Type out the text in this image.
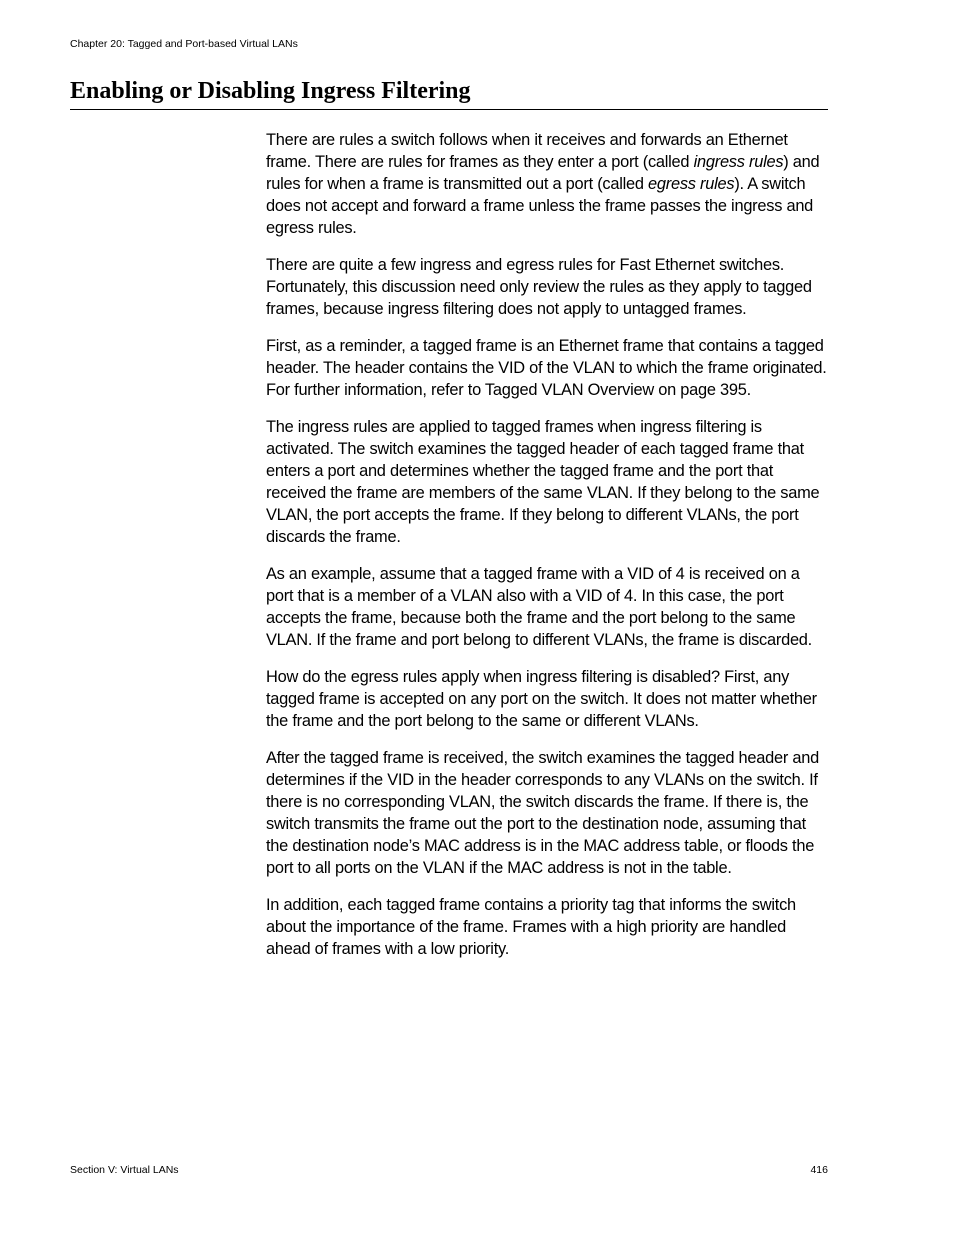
Chapter 20: Tagged and Port-based Virtual LANs
Enabling or Disabling Ingress Filtering

There are rules a switch follows when it receives and forwards an Ethernet frame. There are rules for frames as they enter a port (called ingress rules) and rules for when a frame is transmitted out a port (called egress rules). A switch does not accept and forward a frame unless the frame passes the ingress and egress rules.

There are quite a few ingress and egress rules for Fast Ethernet switches. Fortunately, this discussion need only review the rules as they apply to tagged frames, because ingress filtering does not apply to untagged frames.

First, as a reminder, a tagged frame is an Ethernet frame that contains a tagged header. The header contains the VID of the VLAN to which the frame originated. For further information, refer to Tagged VLAN Overview on page 395.

The ingress rules are applied to tagged frames when ingress filtering is activated. The switch examines the tagged header of each tagged frame that enters a port and determines whether the tagged frame and the port that received the frame are members of the same VLAN. If they belong to the same VLAN, the port accepts the frame. If they belong to different VLANs, the port discards the frame.

As an example, assume that a tagged frame with a VID of 4 is received on a port that is a member of a VLAN also with a VID of 4. In this case, the port accepts the frame, because both the frame and the port belong to the same VLAN. If the frame and port belong to different VLANs, the frame is discarded.

How do the egress rules apply when ingress filtering is disabled? First, any tagged frame is accepted on any port on the switch. It does not matter whether the frame and the port belong to the same or different VLANs.

After the tagged frame is received, the switch examines the tagged header and determines if the VID in the header corresponds to any VLANs on the switch. If there is no corresponding VLAN, the switch discards the frame. If there is, the switch transmits the frame out the port to the destination node, assuming that the destination node’s MAC address is in the MAC address table, or floods the port to all ports on the VLAN if the MAC address is not in the table.

In addition, each tagged frame contains a priority tag that informs the switch about the importance of the frame. Frames with a high priority are handled ahead of frames with a low priority.

Section V: Virtual LANs	416
